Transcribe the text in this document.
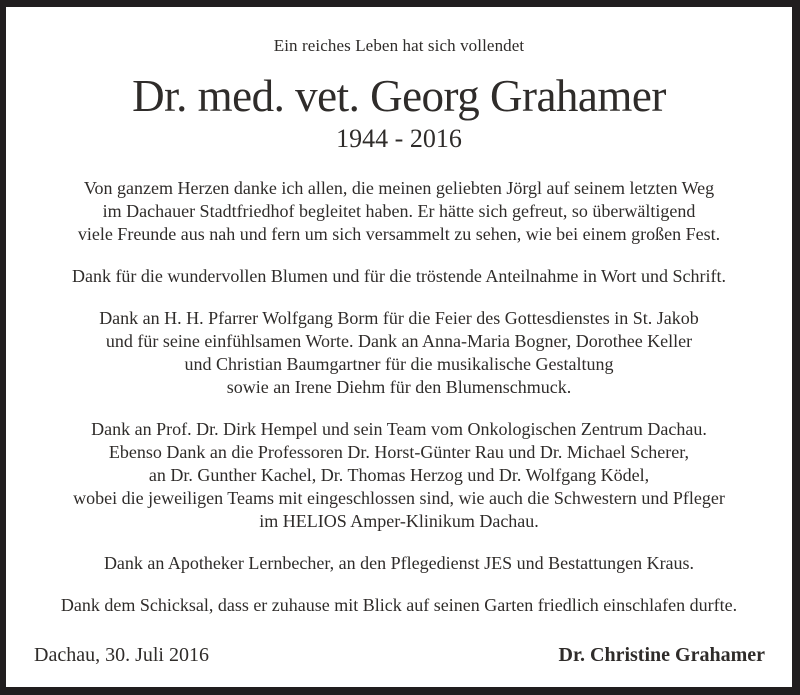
Ein reiches Leben hat sich vollendet
Dr. med. vet. Georg Grahamer
1944 - 2016
Von ganzem Herzen danke ich allen, die meinen geliebten Jörgl auf seinem letzten Weg
im Dachauer Stadtfriedhof begleitet haben. Er hätte sich gefreut, so überwältigend
viele Freunde aus nah und fern um sich versammelt zu sehen, wie bei einem großen Fest.
Dank für die wundervollen Blumen und für die tröstende Anteilnahme in Wort und Schrift.
Dank an H. H. Pfarrer Wolfgang Borm für die Feier des Gottesdienstes in St. Jakob
und für seine einfühlsamen Worte. Dank an Anna-Maria Bogner, Dorothee Keller
und Christian Baumgartner für die musikalische Gestaltung
sowie an Irene Diehm für den Blumenschmuck.
Dank an Prof. Dr. Dirk Hempel und sein Team vom Onkologischen Zentrum Dachau.
Ebenso Dank an die Professoren Dr. Horst-Günter Rau und Dr. Michael Scherer,
an Dr. Gunther Kachel, Dr. Thomas Herzog und Dr. Wolfgang Ködel,
wobei die jeweiligen Teams mit eingeschlossen sind, wie auch die Schwestern und Pfleger
im HELIOS Amper-Klinikum Dachau.
Dank an Apotheker Lernbecher, an den Pflegedienst JES und Bestattungen Kraus.
Dank dem Schicksal, dass er zuhause mit Blick auf seinen Garten friedlich einschlafen durfte.
Dachau, 30. Juli 2016	Dr. Christine Grahamer
